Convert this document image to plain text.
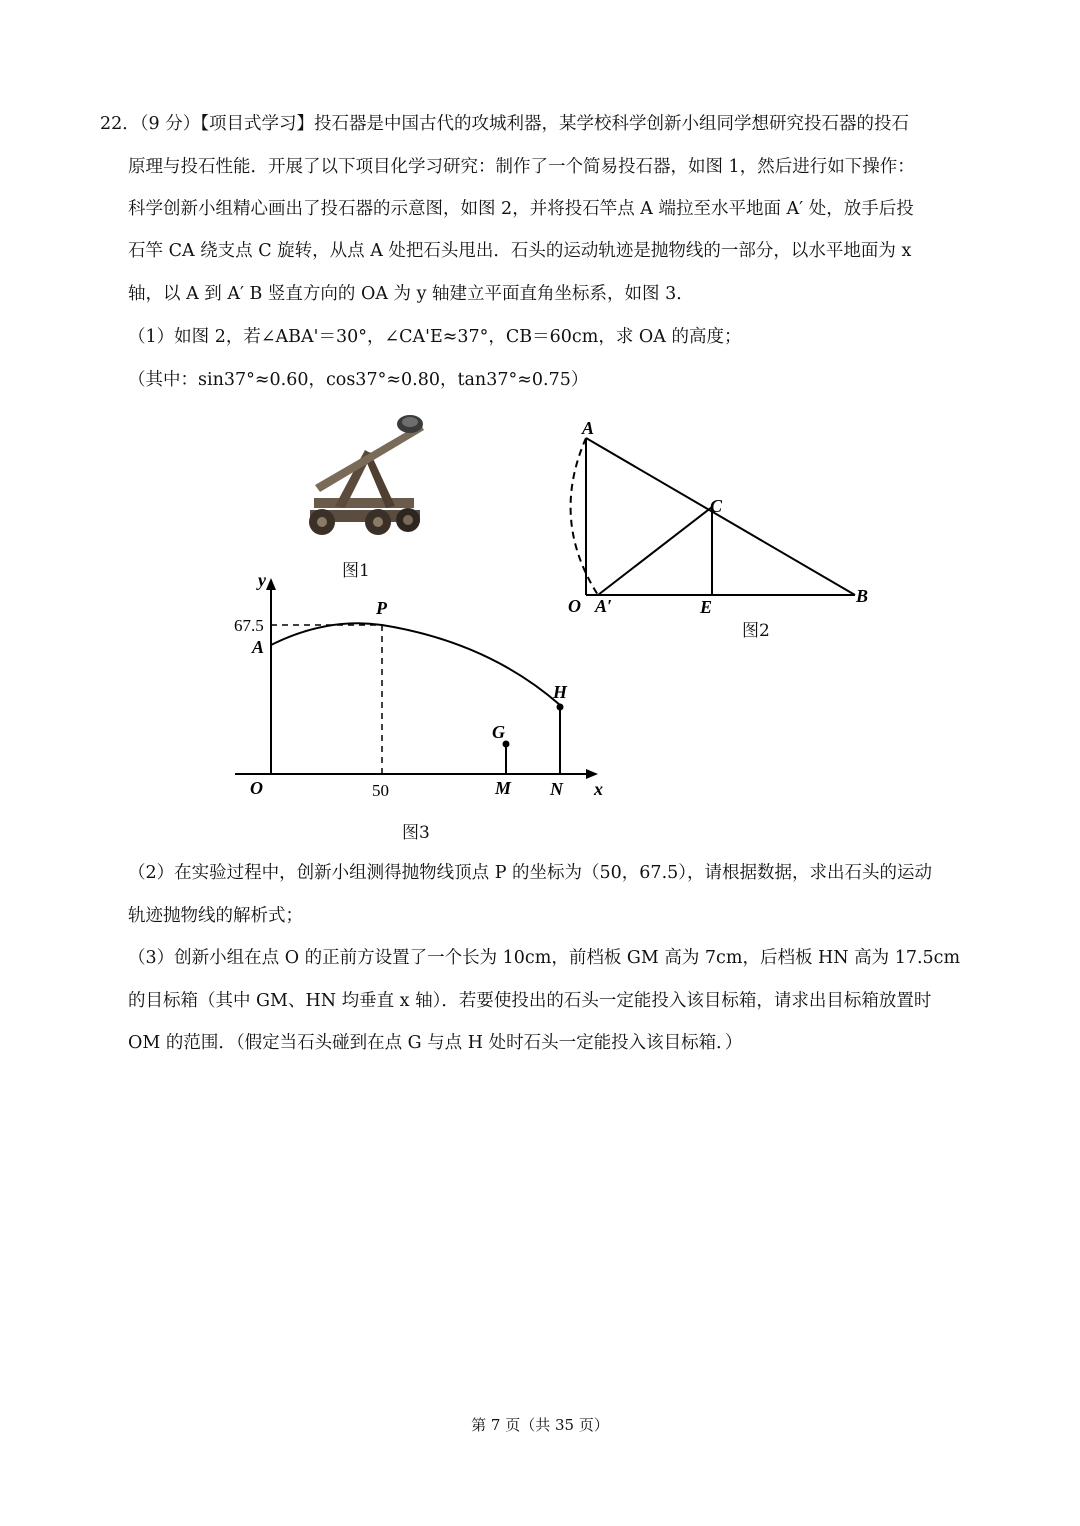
22．（9 分）【项目式学习】投石器是中国古代的攻城利器，某学校科学创新小组同学想研究投石器的投石
原理与投石性能．开展了以下项目化学习研究：制作了一个简易投石器，如图 1，然后进行如下操作：
科学创新小组精心画出了投石器的示意图，如图 2，并将投石竿点 A 端拉至水平地面 A′ 处，放手后投
石竿 CA 绕支点 C 旋转，从点 A 处把石头甩出．石头的运动轨迹是抛物线的一部分，以水平地面为 x
轴，以 A 到 A′ B 竖直方向的 OA 为 y 轴建立平面直角坐标系，如图 3．
（1）如图 2，若∠ABA'＝30°，∠CA'E≈37°，CB＝60cm，求 OA 的高度；
（其中：sin37°≈0.60，cos37°≈0.80，tan37°≈0.75）
图1
A
C
O A′	E
B
图2
y
x
67.5
A
P
O	50
G
H
M N
图3
（2）在实验过程中，创新小组测得抛物线顶点 P 的坐标为（50，67.5），请根据数据，求出石头的运动
轨迹抛物线的解析式；
（3）创新小组在点 O 的正前方设置了一个长为 10cm，前档板 GM 高为 7cm，后档板 HN 高为 17.5cm
的目标箱（其中 GM、HN 均垂直 x 轴）．若要使投出的石头一定能投入该目标箱，请求出目标箱放置时
OM 的范围．（假定当石头碰到在点 G 与点 H 处时石头一定能投入该目标箱．）
第 7 页（共 35 页）
